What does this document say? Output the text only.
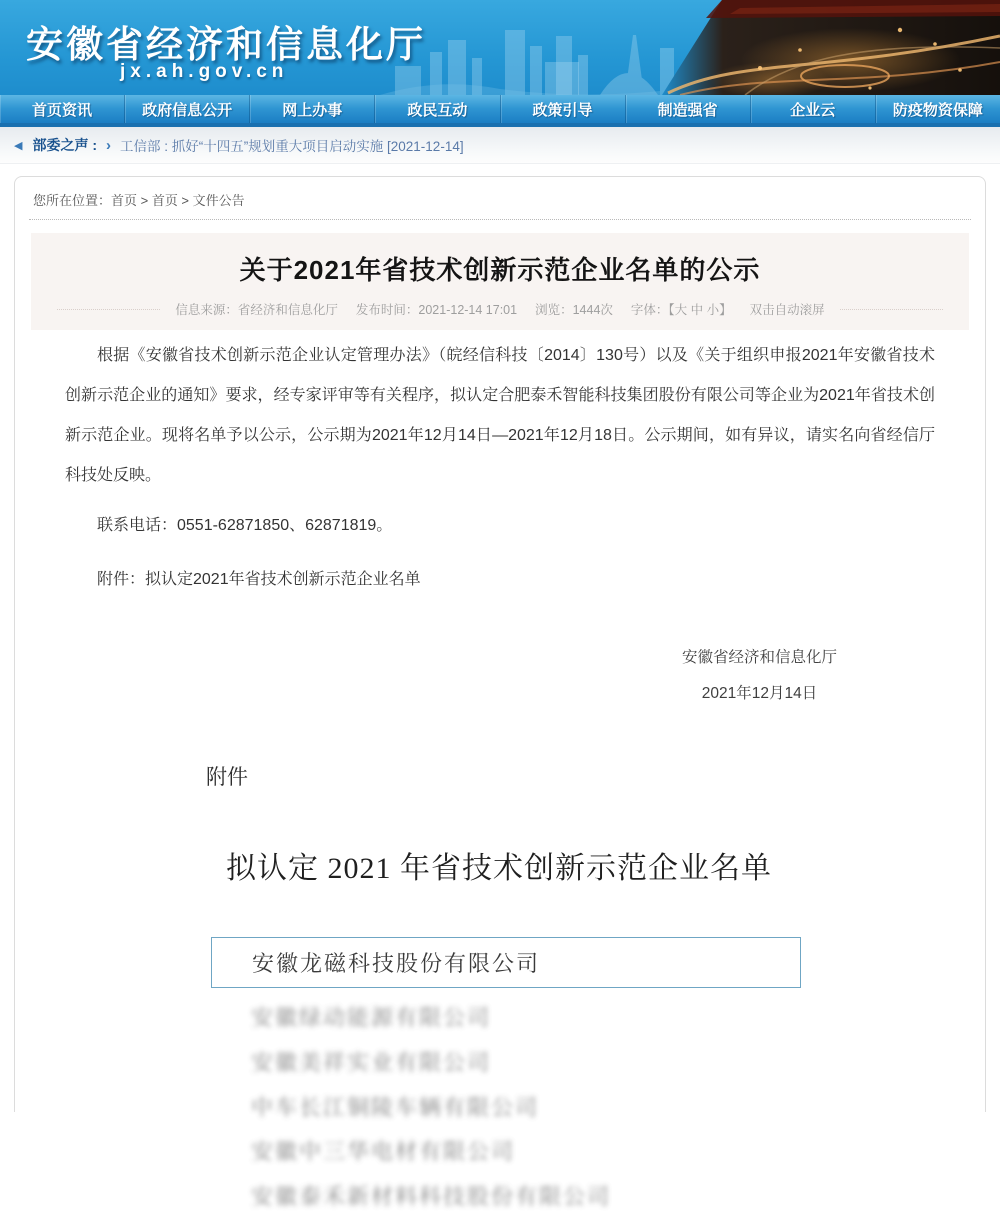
安徽省经济和信息化厅
jx.ah.gov.cn
首页资讯	政府信息公开	网上办事	政民互动	政策引导	制造强省	企业云	防疫物资保障
◀ 部委之声 : › 工信部 : 抓好“十四五”规划重大项目启动实施 [2021-12-14]
您所在位置：首页 > 首页 > 文件公告
关于2021年省技术创新示范企业名单的公示
信息来源：省经济和信息化厅 发布时间：2021-12-14 17:01 浏览：1444次 字体：【大 中 小】 双击自动滚屏

根据《安徽省技术创新示范企业认定管理办法》（皖经信科技〔2014〕130号）以及《关于组织申报2021年安徽省技术创新示范企业的通知》要求，经专家评审等有关程序，拟认定合肥泰禾智能科技集团股份有限公司等企业为2021年省技术创新示范企业。现将名单予以公示，公示期为2021年12月14日—2021年12月18日。公示期间，如有异议，请实名向省经信厅科技处反映。

联系电话：0551-62871850、62871819。

附件：拟认定2021年省技术创新示范企业名单

安徽省经济和信息化厅
2021年12月14日
附件
拟认定 2021 年省技术创新示范企业名单
安徽龙磁科技股份有限公司
安徽绿动能源有限公司
安徽美祥实业有限公司
中车长江铜陵车辆有限公司
安徽中三华电材有限公司
安徽泰禾新材料科技股份有限公司
